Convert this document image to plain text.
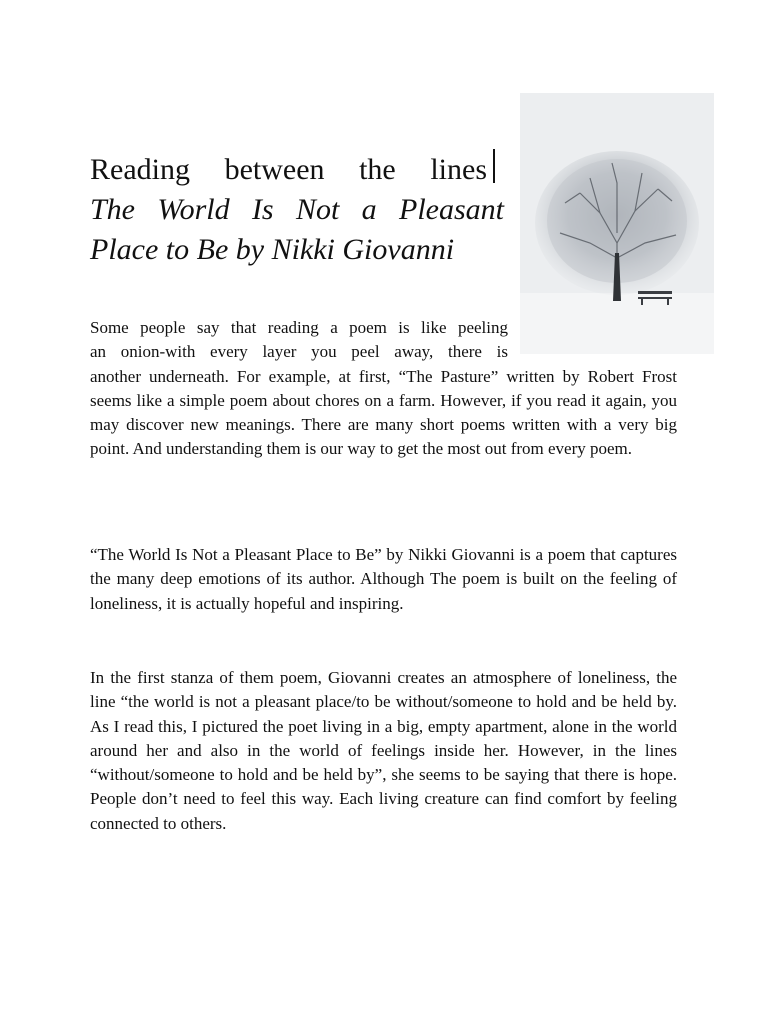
Reading between the lines
The World Is Not a Pleasant
Place to Be by Nikki Giovanni

Some people say that reading a poem is like peeling
an onion-with every layer you peel away, there is
another underneath. For example, at first, “The Pasture” written by Robert Frost seems like a simple poem about chores on a farm. However, if you read it again, you may discover new meanings. There are many short poems written with a very big point. And understanding them is our way to get the most out from every poem.

“The World Is Not a Pleasant Place to Be” by Nikki Giovanni is a poem that captures the many deep emotions of its author. Although The poem is built on the feeling of loneliness, it is actually hopeful and inspiring.

In the first stanza of them poem, Giovanni creates an atmosphere of loneliness, the line “the world is not a pleasant place/to be without/someone to hold and be held by. As I read this, I pictured the poet living in a big, empty apartment, alone in the world around her and also in the world of feelings inside her. However, in the lines “without/someone to hold and be held by”, she seems to be saying that there is hope. People don’t need to feel this way. Each living creature can find comfort by feeling connected to others.
